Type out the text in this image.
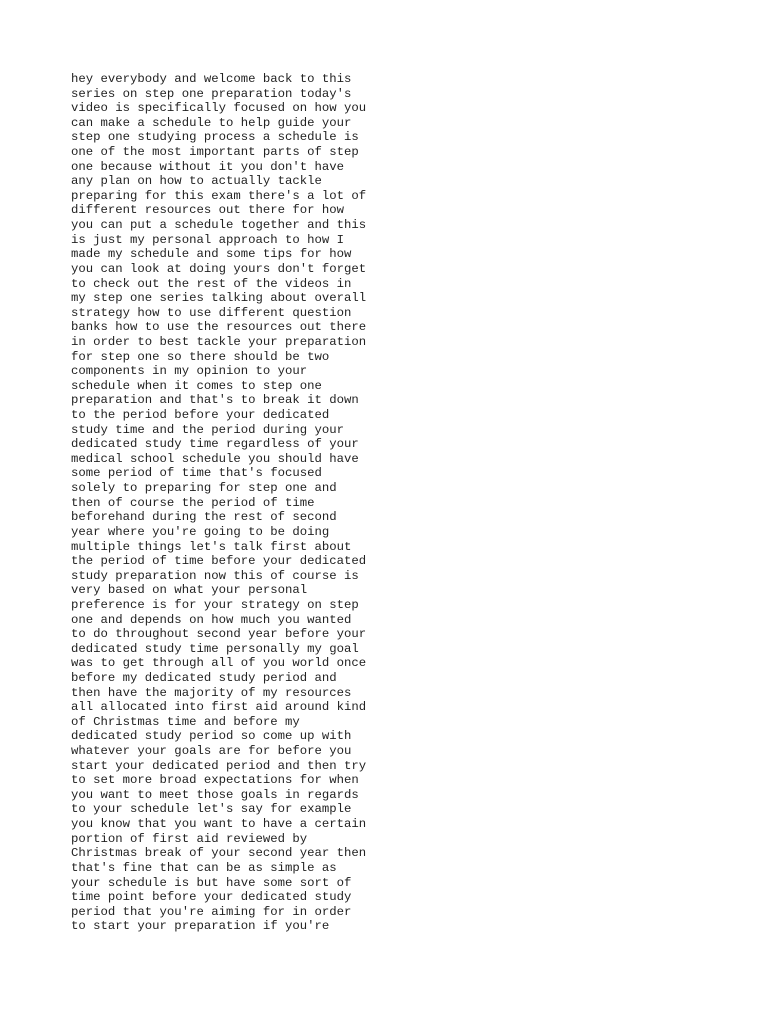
hey everybody and welcome back to this
series on step one preparation today's
video is specifically focused on how you
can make a schedule to help guide your
step one studying process a schedule is
one of the most important parts of step
one because without it you don't have
any plan on how to actually tackle
preparing for this exam there's a lot of
different resources out there for how
you can put a schedule together and this
is just my personal approach to how I
made my schedule and some tips for how
you can look at doing yours don't forget
to check out the rest of the videos in
my step one series talking about overall
strategy how to use different question
banks how to use the resources out there
in order to best tackle your preparation
for step one so there should be two
components in my opinion to your
schedule when it comes to step one
preparation and that's to break it down
to the period before your dedicated
study time and the period during your
dedicated study time regardless of your
medical school schedule you should have
some period of time that's focused
solely to preparing for step one and
then of course the period of time
beforehand during the rest of second
year where you're going to be doing
multiple things let's talk first about
the period of time before your dedicated
study preparation now this of course is
very based on what your personal
preference is for your strategy on step
one and depends on how much you wanted
to do throughout second year before your
dedicated study time personally my goal
was to get through all of you world once
before my dedicated study period and
then have the majority of my resources
all allocated into first aid around kind
of Christmas time and before my
dedicated study period so come up with
whatever your goals are for before you
start your dedicated period and then try
to set more broad expectations for when
you want to meet those goals in regards
to your schedule let's say for example
you know that you want to have a certain
portion of first aid reviewed by
Christmas break of your second year then
that's fine that can be as simple as
your schedule is but have some sort of
time point before your dedicated study
period that you're aiming for in order
to start your preparation if you're
